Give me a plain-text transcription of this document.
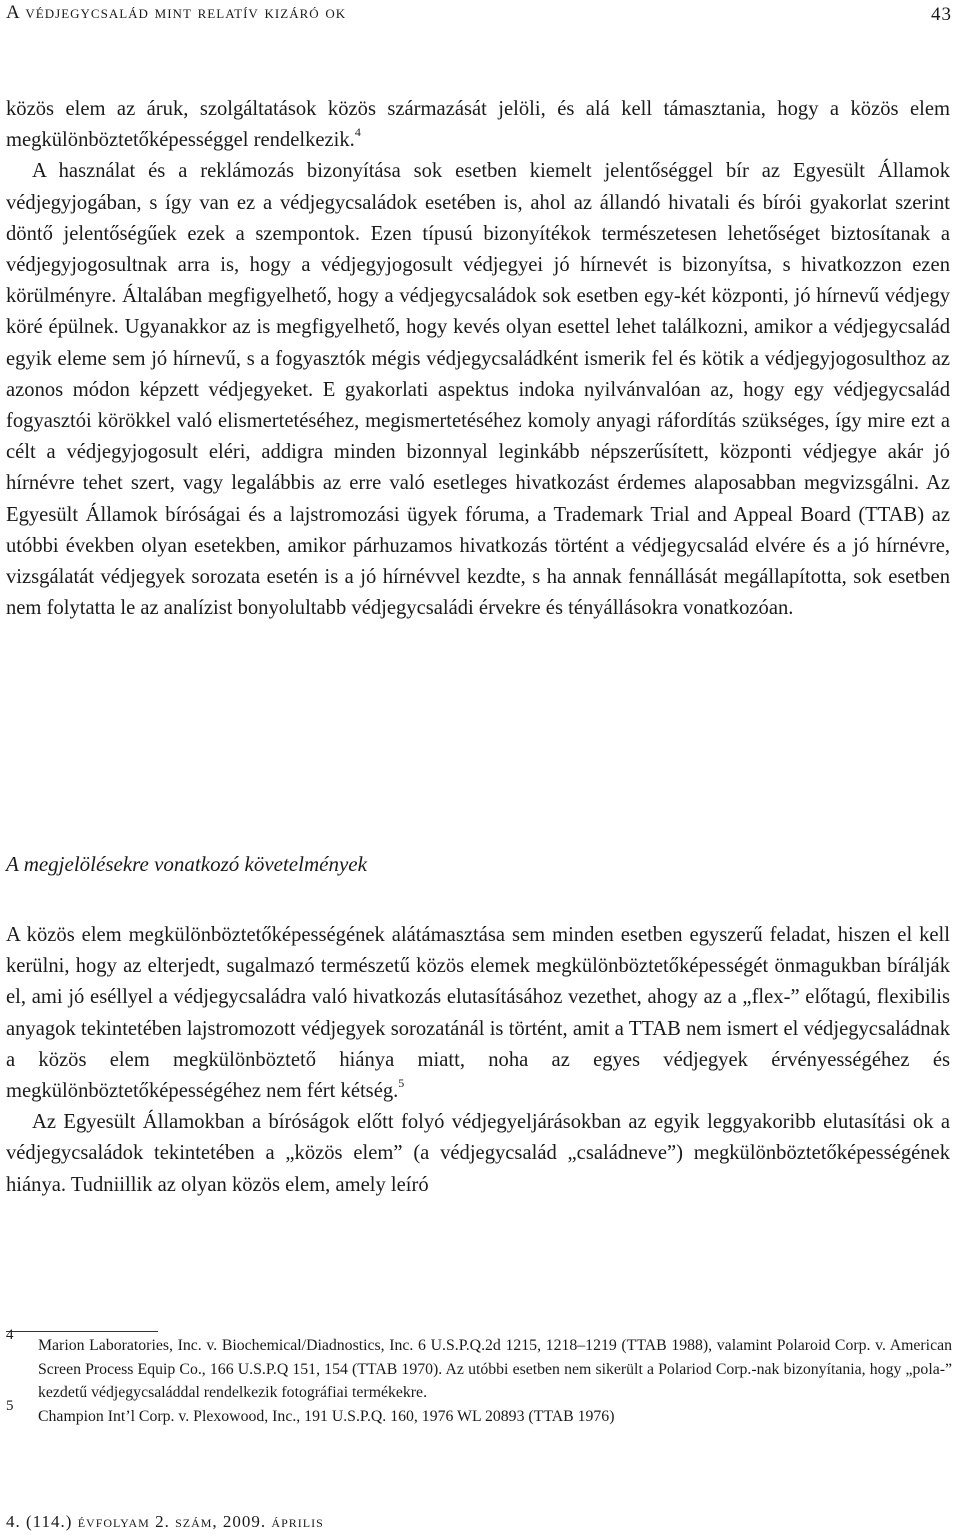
A védjegycsalád mint relatív kizáró ok	43

közös elem az áruk, szolgáltatások közös származását jelöli, és alá kell támasztania, hogy a közös elem megkülönböztetőképességgel rendelkezik.$^4$

A használat és a reklámozás bizonyítása sok esetben kiemelt jelentőséggel bír az Egyesült Államok védjegyjogában, s így van ez a védjegycsaládok esetében is, ahol az állandó hivatali és bírói gyakorlat szerint döntő jelentőségűek ezek a szempontok. Ezen típusú bizonyítékok természetesen lehetőséget biztosítanak a védjegyjogosultnak arra is, hogy a védjegyjogosult védjegyei jó hírnevét is bizonyítsa, s hivatkozzon ezen körülményre. Általában megfigyelhető, hogy a védjegycsaládok sok esetben egy-két központi, jó hírnevű védjegy köré épülnek. Ugyanakkor az is megfigyelhető, hogy kevés olyan esettel lehet találkozni, amikor a védjegycsalád egyik eleme sem jó hírnevű, s a fogyasztók mégis védjegycsaládként ismerik fel és kötik a védjegyjogosulthoz az azonos módon képzett védjegyeket. E gyakorlati aspektus indoka nyilvánvalóan az, hogy egy védjegycsalád fogyasztói körökkel való elismertetéséhez, megismertetéséhez komoly anyagi ráfordítás szükséges, így mire ezt a célt a védjegyjogosult eléri, addigra minden bizonnyal leginkább népszerűsített, központi védjegye akár jó hírnévre tehet szert, vagy legalábbis az erre való esetleges hivatkozást érdemes alaposabban megvizsgálni. Az Egyesült Államok bíróságai és a lajstromozási ügyek fóruma, a Trademark Trial and Appeal Board (TTAB) az utóbbi években olyan esetekben, amikor párhuzamos hivatkozás történt a védjegycsalád elvére és a jó hírnévre, vizsgálatát védjegyek sorozata esetén is a jó hírnévvel kezdte, s ha annak fennállását megállapította, sok esetben nem folytatta le az analízist bonyolultabb védjegycsaládi érvekre és tényállásokra vonatkozóan.

A megjelölésekre vonatkozó követelmények

A közös elem megkülönböztetőképességének alátámasztása sem minden esetben egyszerű feladat, hiszen el kell kerülni, hogy az elterjedt, sugalmazó természetű közös elemek megkülönböztetőképességét önmagukban bírálják el, ami jó eséllyel a védjegycsaládra való hivatkozás elutasításához vezethet, ahogy az a „flex-” előtagú, flexibilis anyagok tekintetében lajstromozott védjegyek sorozatánál is történt, amit a TTAB nem ismert el védjegycsaládnak a közös elem megkülönböztető hiánya miatt, noha az egyes védjegyek érvényességéhez és megkülönböztetőképességéhez nem fért kétség.$^5$

Az Egyesült Államokban a bíróságok előtt folyó védjegyeljárásokban az egyik leggyakoribb elutasítási ok a védjegycsaládok tekintetében a „közös elem” (a védjegycsalád „családneve”) megkülönböztetőképességének hiánya. Tudniillik az olyan közös elem, amely leíró

4
Marion Laboratories, Inc. v. Biochemical/Diadnostics, Inc. 6 U.S.P.Q.2d 1215, 1218–1219 (TTAB 1988), valamint Polaroid Corp. v. American Screen Process Equip Co., 166 U.S.P.Q 151, 154 (TTAB 1970). Az utóbbi esetben nem sikerült a Polariod Corp.-nak bizonyítania, hogy „pola-” kezdetű védjegycsaláddal rendelkezik fotográfiai termékekre.
5
Champion Int’l Corp. v. Plexowood, Inc., 191 U.S.P.Q. 160, 1976 WL 20893 (TTAB 1976)
4. (114.) évfolyam 2. szám, 2009. április
